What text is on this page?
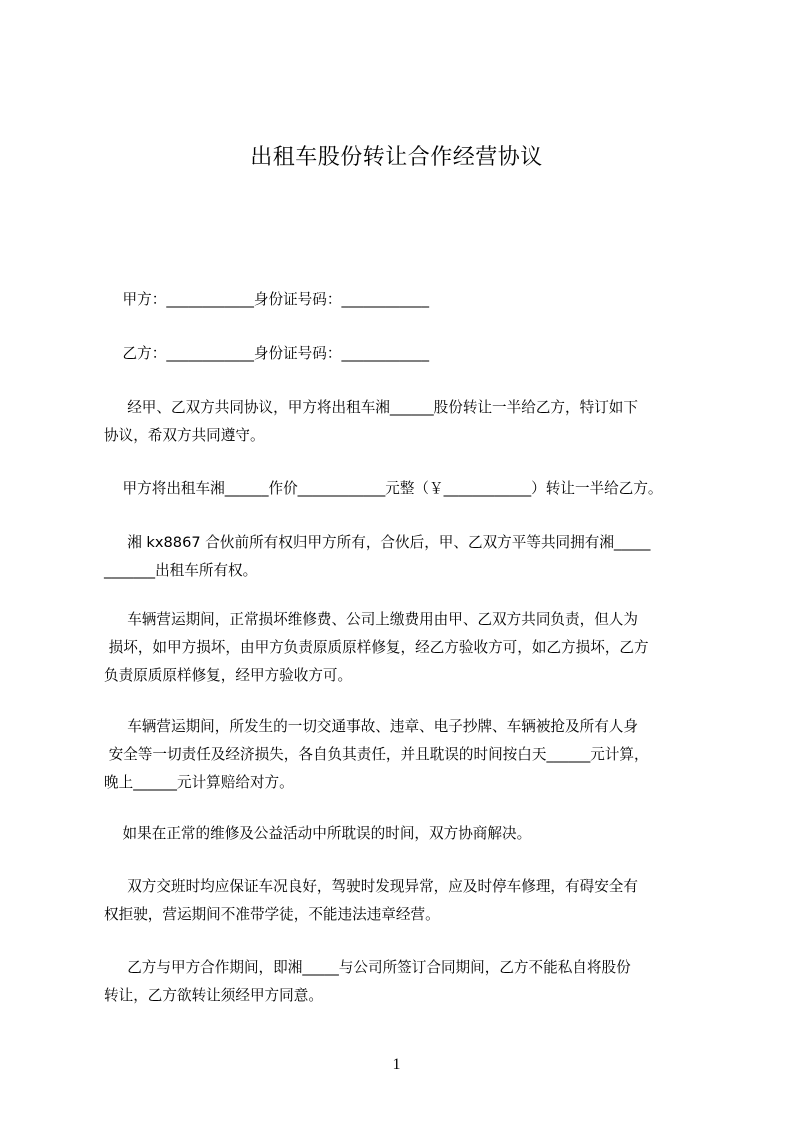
出租车股份转让合作经营协议
甲方：____________身份证号码：____________
乙方：____________身份证号码：____________
经甲、乙双方共同协议，甲方将出租车湘______股份转让一半给乙方，特订如下
协议，希双方共同遵守。
甲方将出租车湘______作价____________元整（￥____________）转让一半给乙方。
湘 kx8867 合伙前所有权归甲方所有，合伙后，甲、乙双方平等共同拥有湘_____
_______出租车所有权。
车辆营运期间，正常损坏维修费、公司上缴费用由甲、乙双方共同负责，但人为
损坏，如甲方损坏，由甲方负责原质原样修复，经乙方验收方可，如乙方损坏，乙方
负责原质原样修复，经甲方验收方可。
车辆营运期间，所发生的一切交通事故、违章、电子抄牌、车辆被抢及所有人身
安全等一切责任及经济损失，各自负其责任，并且耽误的时间按白天______元计算，
晚上______元计算赔给对方。
如果在正常的维修及公益活动中所耽误的时间，双方协商解决。
双方交班时均应保证车况良好，驾驶时发现异常，应及时停车修理，有碍安全有
权拒驶，营运期间不准带学徒，不能违法违章经营。
乙方与甲方合作期间，即湘_____与公司所签订合同期间，乙方不能私自将股份
转让，乙方欲转让须经甲方同意。
1
